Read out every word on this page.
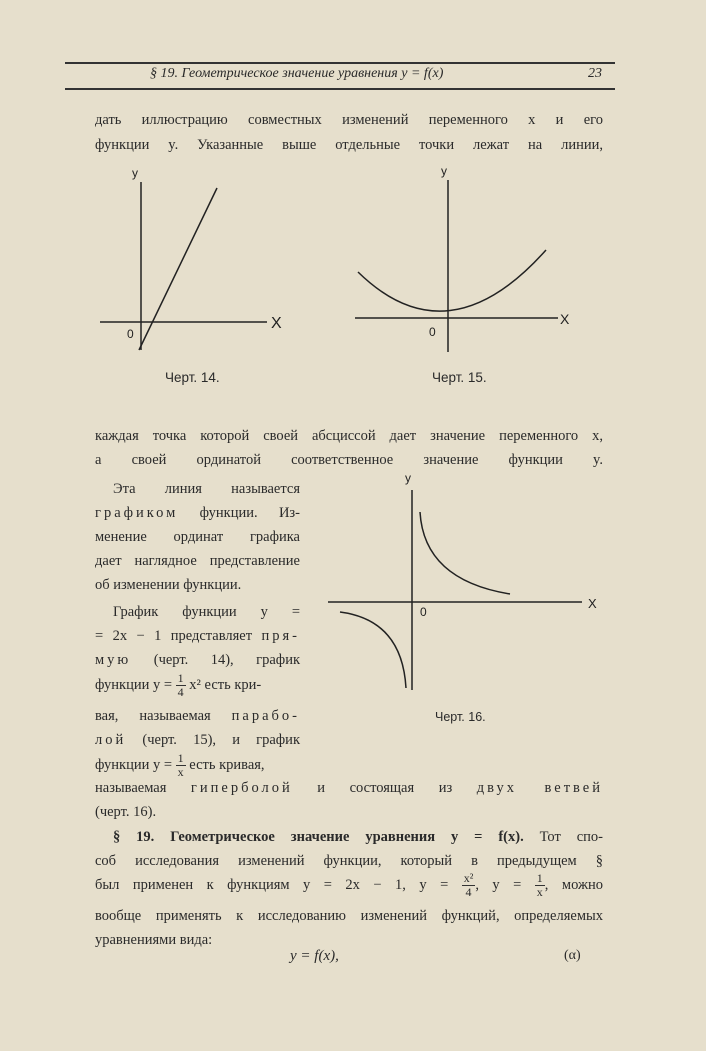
§ 19. Геометрическое значение уравнения y = f(x)	23
дать иллюстрацию совместных изменений переменного x и его
функции y. Указанные выше отдельные точки лежат на линии,
y
X
0
Черт. 14.
y
X
0
Черт. 15.
каждая точка которой своей абсциссой дает значение переменного x,
а своей ординатой соответственное значение функции y.
Эта линия называется
графиком функции. Из-
менение ординат графика
дает наглядное представление
об изменении функции.
График функции y =
= 2x − 1 представляет пря-
мую (черт. 14), график
функции $y = \frac{1}{4} x^2$ есть кри-
вая, называемая парабо-
лой (черт. 15), и график
функции $y = \frac{1}{x}$ есть кривая,
y
X
0
Черт. 16.
называемая гиперболой и состоящая из двух ветвей
(черт. 16).
§ 19. Геометрическое значение уравнения y = f(x). Тот спо-
соб исследования изменений функции, который в предыдущем §
был применен к функциям y = 2x − 1, $y = \frac{\text{x²}}{4}$ , $y = \frac{1}{x}$ , можно
вообще применять к исследованию изменений функций, определяемых
уравнениями вида:
y = f(x),	(α)
